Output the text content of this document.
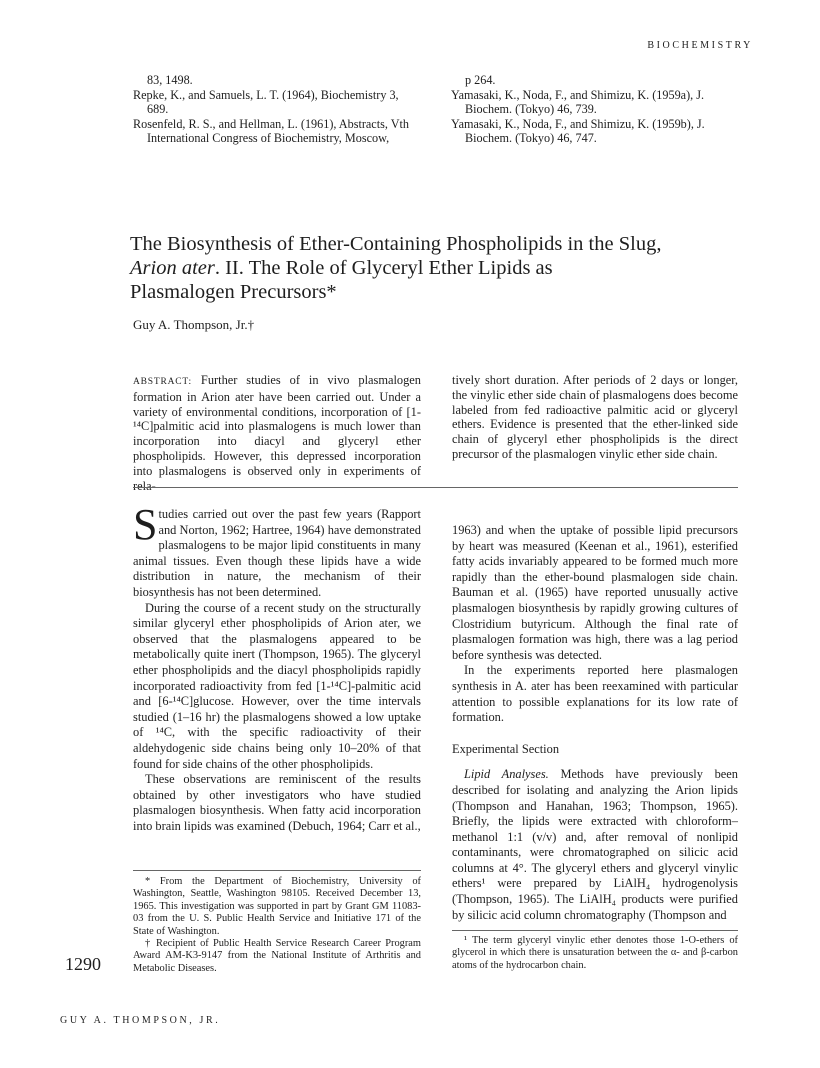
BIOCHEMISTRY

83, 1498.

Repke, K., and Samuels, L. T. (1964), Biochemistry 3, 689.

Rosenfeld, R. S., and Hellman, L. (1961), Abstracts, Vth International Congress of Biochemistry, Moscow,

p 264.

Yamasaki, K., Noda, F., and Shimizu, K. (1959a), J. Biochem. (Tokyo) 46, 739.

Yamasaki, K., Noda, F., and Shimizu, K. (1959b), J. Biochem. (Tokyo) 46, 747.

The Biosynthesis of Ether-Containing Phospholipids in the Slug,
Arion ater. II. The Role of Glyceryl Ether Lipids as
Plasmalogen Precursors*
Guy A. Thompson, Jr.†
ABSTRACT: Further studies of in vivo plasmalogen formation in Arion ater have been carried out. Under a variety of environmental conditions, incorporation of [1-¹⁴C]palmitic acid into plasmalogens is much lower than incorporation into diacyl and glyceryl ether phospholipids. However, this depressed incorporation into plasmalogens is observed only in experiments of rela-
tively short duration. After periods of 2 days or longer, the vinylic ether side chain of plasmalogens does become labeled from fed radioactive palmitic acid or glyceryl ethers. Evidence is presented that the ether-linked side chain of glyceryl ether phospholipids is the direct precursor of the plasmalogen vinylic ether side chain.

Studies carried out over the past few years (Rapport and Norton, 1962; Hartree, 1964) have demonstrated plasmalogens to be major lipid constituents in many animal tissues. Even though these lipids have a wide distribution in nature, the mechanism of their biosynthesis has not been determined.

During the course of a recent study on the structurally similar glyceryl ether phospholipids of Arion ater, we observed that the plasmalogens appeared to be metabolically quite inert (Thompson, 1965). The glyceryl ether phospholipids and the diacyl phospholipids rapidly incorporated radioactivity from fed [1-¹⁴C]-palmitic acid and [6-¹⁴C]glucose. However, over the time intervals studied (1–16 hr) the plasmalogens showed a low uptake of ¹⁴C, with the specific radioactivity of their aldehydogenic side chains being only 10–20% of that found for side chains of the other phospholipids.

These observations are reminiscent of the results obtained by other investigators who have studied plasmalogen biosynthesis. When fatty acid incorporation into brain lipids was examined (Debuch, 1964; Carr et al.,

1963) and when the uptake of possible lipid precursors by heart was measured (Keenan et al., 1961), esterified fatty acids invariably appeared to be formed much more rapidly than the ether-bound plasmalogen side chain. Bauman et al. (1965) have reported unusually active plasmalogen biosynthesis by rapidly growing cultures of Clostridium butyricum. Although the final rate of plasmalogen formation was high, there was a lag period before synthesis was detected.

In the experiments reported here plasmalogen synthesis in A. ater has been reexamined with particular attention to possible explanations for its low rate of formation.

Experimental Section

Lipid Analyses. Methods have previously been described for isolating and analyzing the Arion lipids (Thompson and Hanahan, 1963; Thompson, 1965). Briefly, the lipids were extracted with chloroform–methanol 1:1 (v/v) and, after removal of nonlipid contaminants, were chromatographed on silicic acid columns at 4°. The glyceryl ethers and glyceryl vinylic ethers¹ were prepared by LiAlH₄ hydrogenolysis (Thompson, 1965). The LiAlH₄ products were purified by silicic acid column chromatography (Thompson and

* From the Department of Biochemistry, University of Washington, Seattle, Washington 98105. Received December 13, 1965. This investigation was supported in part by Grant GM 11083-03 from the U. S. Public Health Service and Initiative 171 of the State of Washington.

† Recipient of Public Health Service Research Career Program Award AM-K3-9147 from the National Institute of Arthritis and Metabolic Diseases.

¹ The term glyceryl vinylic ether denotes those 1-O-ethers of glycerol in which there is unsaturation between the α- and β-carbon atoms of the hydrocarbon chain.

1290
GUY A. THOMPSON, JR.
